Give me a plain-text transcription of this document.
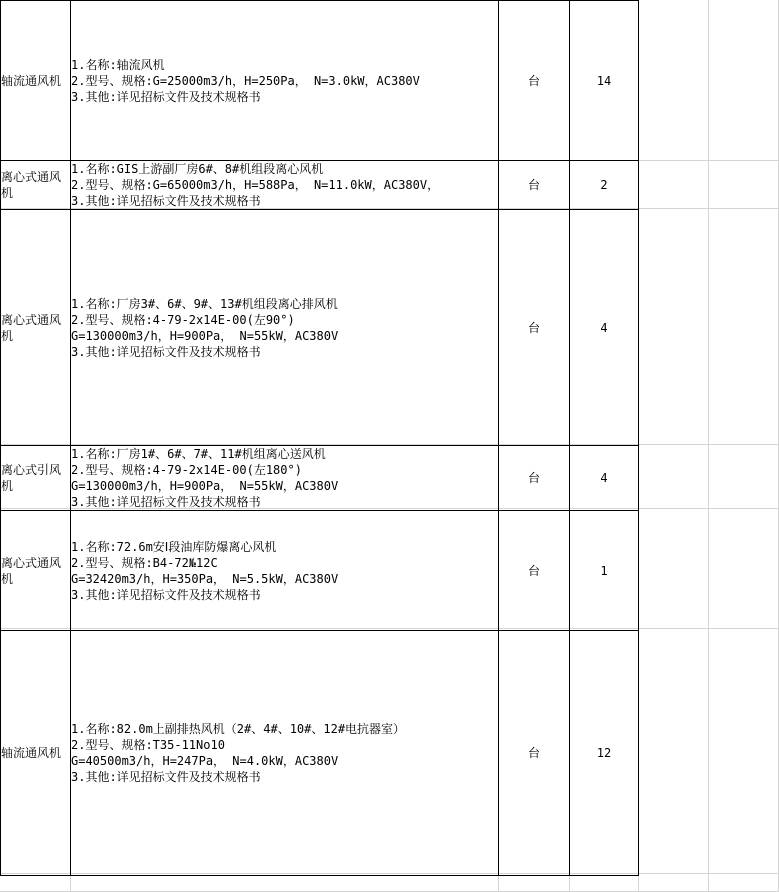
轴流通风机	1.名称:轴流风机
2.型号、规格:G=25000m3/h，H=250Pa， N=3.0kW，AC380V
3.其他:详见招标文件及技术规格书	台	14
离心式通风机	1.名称:GIS上游副厂房6#、8#机组段离心风机
2.型号、规格:G=65000m3/h，H=588Pa， N=11.0kW，AC380V，
3.其他:详见招标文件及技术规格书	台	2
离心式通风机	1.名称:厂房3#、6#、9#、13#机组段离心排风机
2.型号、规格:4-79-2x14E-00(左90°)
G=130000m3/h，H=900Pa， N=55kW，AC380V
3.其他:详见招标文件及技术规格书	台	4
离心式引风机	1.名称:厂房1#、6#、7#、11#机组离心送风机
2.型号、规格:4-79-2x14E-00(左180°)
G=130000m3/h，H=900Pa， N=55kW，AC380V
3.其他:详见招标文件及技术规格书	台	4
离心式通风机	1.名称:72.6m安Ⅰ段油库防爆离心风机
2.型号、规格:B4-72№12C
G=32420m3/h，H=350Pa， N=5.5kW，AC380V
3.其他:详见招标文件及技术规格书	台	1
轴流通风机	1.名称:82.0m上副排热风机（2#、4#、10#、12#电抗器室）
2.型号、规格:T35-11No10
G=40500m3/h，H=247Pa， N=4.0kW，AC380V
3.其他:详见招标文件及技术规格书	台	12
